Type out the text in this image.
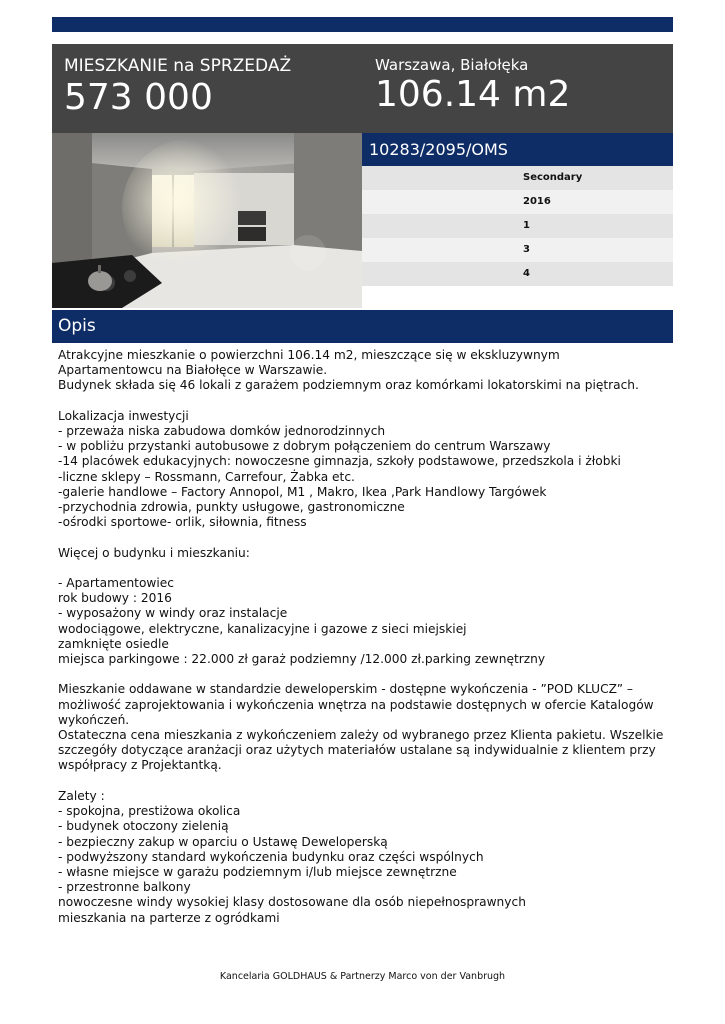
MIESZKANIE na SPRZEDAŻ
573 000
Warszawa, Białołęka
106.14 m2
10283/2095/OMS
Secondary
2016
1
3
4
Opis
Atrakcyjne mieszkanie o powierzchni 106.14 m2, mieszczące się w ekskluzywnym
Apartamentowcu na Białołęce w Warszawie.
Budynek składa się 46 lokali z garażem podziemnym oraz komórkami lokatorskimi na piętrach.

Lokalizacja inwestycji
- przeważa niska zabudowa domków jednorodzinnych
- w pobliżu przystanki autobusowe z dobrym połączeniem do centrum Warszawy
-14 placówek edukacyjnych: nowoczesne gimnazja, szkoły podstawowe, przedszkola i żłobki
-liczne sklepy – Rossmann, Carrefour, Żabka etc.
-galerie handlowe – Factory Annopol, M1 , Makro, Ikea ,Park Handlowy Targówek
-przychodnia zdrowia, punkty usługowe, gastronomiczne
-ośrodki sportowe- orlik, siłownia, fitness

Więcej o budynku i mieszkaniu:

- Apartamentowiec
rok budowy : 2016
- wyposażony w windy oraz instalacje
wodociągowe, elektryczne, kanalizacyjne i gazowe z sieci miejskiej
zamknięte osiedle
miejsca parkingowe : 22.000 zł garaż podziemny /12.000 zł.parking zewnętrzny

Mieszkanie oddawane w standardzie deweloperskim - dostępne wykończenia - ”POD KLUCZ” –
możliwość zaprojektowania i wykończenia wnętrza na podstawie dostępnych w ofercie Katalogów
wykończeń.
Ostateczna cena mieszkania z wykończeniem zależy od wybranego przez Klienta pakietu. Wszelkie
szczegóły dotyczące aranżacji oraz użytych materiałów ustalane są indywidualnie z klientem przy
współpracy z Projektantką.

Zalety :
- spokojna, prestiżowa okolica
- budynek otoczony zielenią
- bezpieczny zakup w oparciu o Ustawę Deweloperską
- podwyższony standard wykończenia budynku oraz części wspólnych
- własne miejsce w garażu podziemnym i/lub miejsce zewnętrzne
- przestronne balkony
nowoczesne windy wysokiej klasy dostosowane dla osób niepełnosprawnych
mieszkania na parterze z ogródkami
Kancelaria GOLDHAUS & Partnerzy Marco von der Vanbrugh
